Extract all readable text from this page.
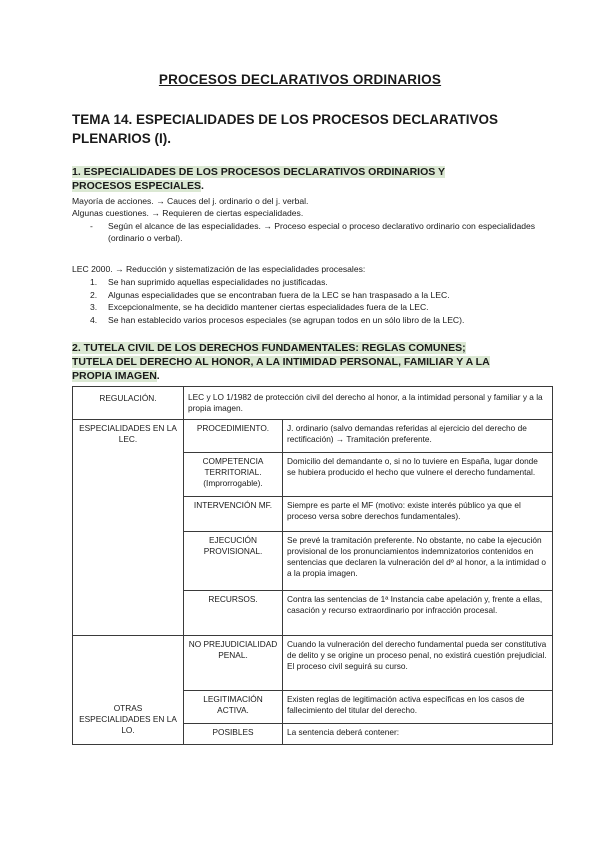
PROCESOS DECLARATIVOS ORDINARIOS
TEMA 14. ESPECIALIDADES DE LOS PROCESOS DECLARATIVOS PLENARIOS (I).
1. ESPECIALIDADES DE LOS PROCESOS DECLARATIVOS ORDINARIOS Y
PROCESOS ESPECIALES.
Mayoría de acciones. → Cauces del j. ordinario o del j. verbal.
Algunas cuestiones. → Requieren de ciertas especialidades.
- Según el alcance de las especialidades. → Proceso especial o proceso declarativo ordinario con especialidades (ordinario o verbal).
LEC 2000. → Reducción y sistematización de las especialidades procesales:
1. Se han suprimido aquellas especialidades no justificadas.
2. Algunas especialidades que se encontraban fuera de la LEC se han traspasado a la LEC.
3. Excepcionalmente, se ha decidido mantener ciertas especialidades fuera de la LEC.
4. Se han establecido varios procesos especiales (se agrupan todos en un sólo libro de la LEC).
2. TUTELA CIVIL DE LOS DERECHOS FUNDAMENTALES: REGLAS COMUNES;
TUTELA DEL DERECHO AL HONOR, A LA INTIMIDAD PERSONAL, FAMILIAR Y A LA
PROPIA IMAGEN.
REGULACIÓN.	LEC y LO 1/1982 de protección civil del derecho al honor, a la intimidad personal y familiar y a la propia imagen.	
ESPECIALIDADES EN LA LEC.	PROCEDIMIENTO.	J. ordinario (salvo demandas referidas al ejercicio del derecho de rectificación) → Tramitación preferente.
	COMPETENCIA TERRITORIAL. (Improrrogable).	Domicilio del demandante o, si no lo tuviere en España, lugar donde se hubiera producido el hecho que vulnere el derecho fundamental.
	INTERVENCIÓN MF.	Siempre es parte el MF (motivo: existe interés público ya que el proceso versa sobre derechos fundamentales).
	EJECUCIÓN PROVISIONAL.	Se prevé la tramitación preferente. No obstante, no cabe la ejecución provisional de los pronunciamientos indemnizatorios contenidos en sentencias que declaren la vulneración del dº al honor, a la intimidad o a la propia imagen.
	RECURSOS.	Contra las sentencias de 1ª Instancia cabe apelación y, frente a ellas, casación y recurso extraordinario por infracción procesal.
OTRAS ESPECIALIDADES EN LA LO.	NO PREJUDICIALIDAD PENAL.	Cuando la vulneración del derecho fundamental pueda ser constitutiva de delito y se origine un proceso penal, no existirá cuestión prejudicial. El proceso civil seguirá su curso.
	LEGITIMACIÓN ACTIVA.	Existen reglas de legitimación activa específicas en los casos de fallecimiento del titular del derecho.
	POSIBLES	La sentencia deberá contener:
